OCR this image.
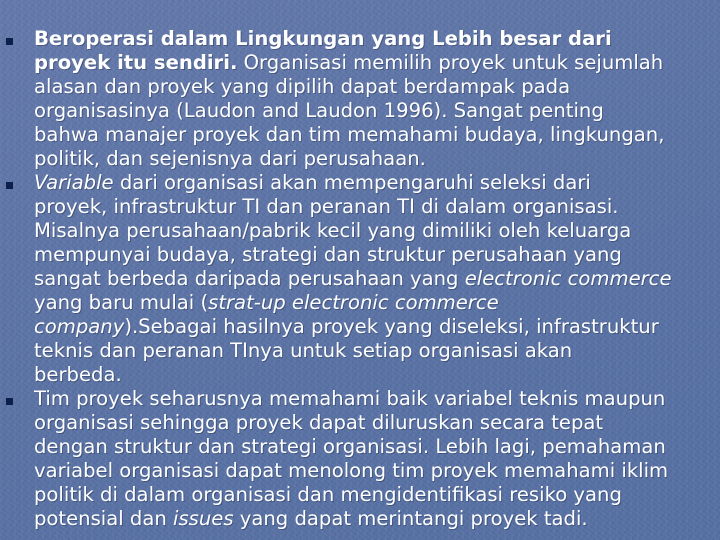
Beroperasi dalam Lingkungan yang Lebih besar dari

proyek itu sendiri. Organisasi memilih proyek untuk sejumlah

alasan dan proyek yang dipilih dapat berdampak pada

organisasinya (Laudon and Laudon 1996). Sangat penting

bahwa manajer proyek dan tim memahami budaya, lingkungan,

politik, dan sejenisnya dari perusahaan.

Variable dari organisasi akan mempengaruhi seleksi dari

proyek, infrastruktur TI dan peranan TI di dalam organisasi.

Misalnya perusahaan/pabrik kecil yang dimiliki oleh keluarga

mempunyai budaya, strategi dan struktur perusahaan yang

sangat berbeda daripada perusahaan yang electronic commerce

yang baru mulai (strat-up electronic commerce

company).Sebagai hasilnya proyek yang diseleksi, infrastruktur

teknis dan peranan TInya untuk setiap organisasi akan

berbeda.

Tim proyek seharusnya memahami baik variabel teknis maupun

organisasi sehingga proyek dapat diluruskan secara tepat

dengan struktur dan strategi organisasi. Lebih lagi, pemahaman

variabel organisasi dapat menolong tim proyek memahami iklim

politik di dalam organisasi dan mengidentifikasi resiko yang

potensial dan issues yang dapat merintangi proyek tadi.
